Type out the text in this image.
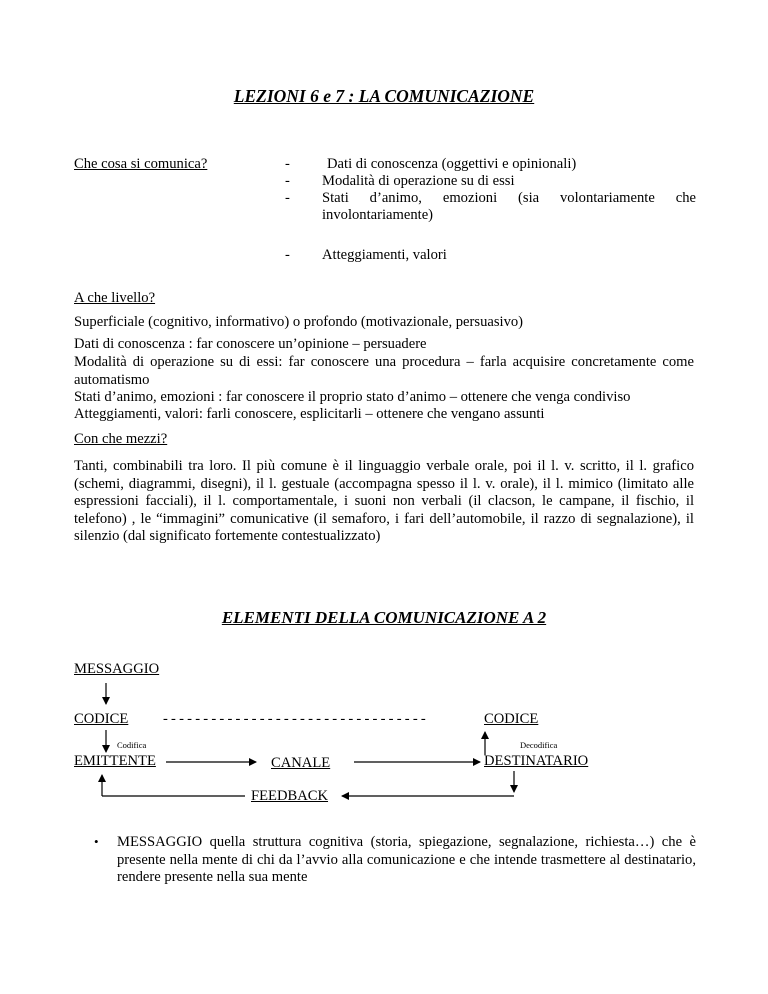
LEZIONI 6 e 7 : LA COMUNICAZIONE
Che cosa si comunica?	-	Dati di conoscenza (oggettivi e opinionali)
- Modalità di operazione su di essi
- Stati d’animo, emozioni (sia volontariamente che involontariamente)
- Atteggiamenti, valori
A che livello?
Superficiale (cognitivo, informativo) o profondo (motivazionale, persuasivo)
Dati di conoscenza : far conoscere un’opinione – persuadere
Modalità di operazione su di essi: far conoscere una procedura – farla acquisire concretamente come automatismo
Stati d’animo, emozioni : far conoscere il proprio stato d’animo – ottenere che venga condiviso
Atteggiamenti, valori: farli conoscere, esplicitarli – ottenere che vengano assunti
Con che mezzi?
Tanti, combinabili tra loro. Il più comune è il linguaggio verbale orale, poi il l. v. scritto, il l. grafico (schemi, diagrammi, disegni), il l. gestuale (accompagna spesso il l. v. orale), il l. mimico (limitato alle espressioni facciali), il l. comportamentale, i suoni non verbali (il clacson, le campane, il fischio, il telefono) , le “immagini” comunicative (il semaforo, i fari dell’automobile, il razzo di segnalazione), il silenzio (dal significato fortemente contestualizzato)
ELEMENTI DELLA COMUNICAZIONE A 2
MESSAGGIO
CODICE ---------------------------------	CODICE
Codifica	Decodifica
EMITTENTE	CANALE	DESTINATARIO
FEEDBACK
• MESSAGGIO quella struttura cognitiva (storia, spiegazione, segnalazione, richiesta…) che è presente nella mente di chi da l’avvio alla comunicazione e che intende trasmettere al destinatario, rendere presente nella sua mente
